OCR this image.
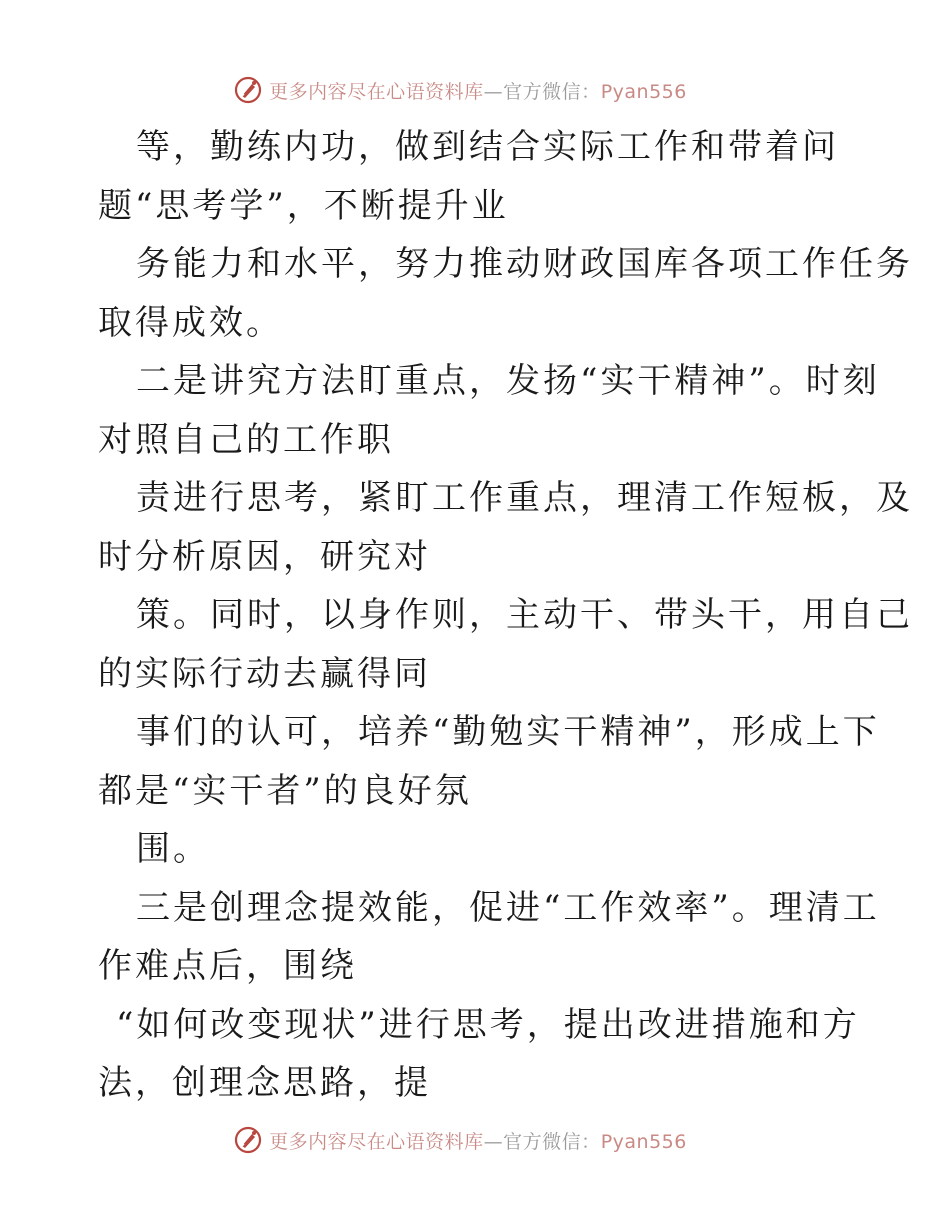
更多内容尽在心语资料库—官方微信：Pyan556
等，勤练内功，做到结合实际工作和带着问
题“思考学”，不断提升业
务能力和水平，努力推动财政国库各项工作任务
取得成效。
二是讲究方法盯重点，发扬“实干精神”。时刻
对照自己的工作职
责进行思考，紧盯工作重点，理清工作短板，及
时分析原因，研究对
策。同时，以身作则，主动干、带头干，用自己
的实际行动去赢得同
事们的认可，培养“勤勉实干精神”，形成上下
都是“实干者”的良好氛
围。
三是创理念提效能，促进“工作效率”。理清工
作难点后，围绕
“如何改变现状”进行思考，提出改进措施和方
法，创理念思路，提
更多内容尽在心语资料库—官方微信：Pyan556
